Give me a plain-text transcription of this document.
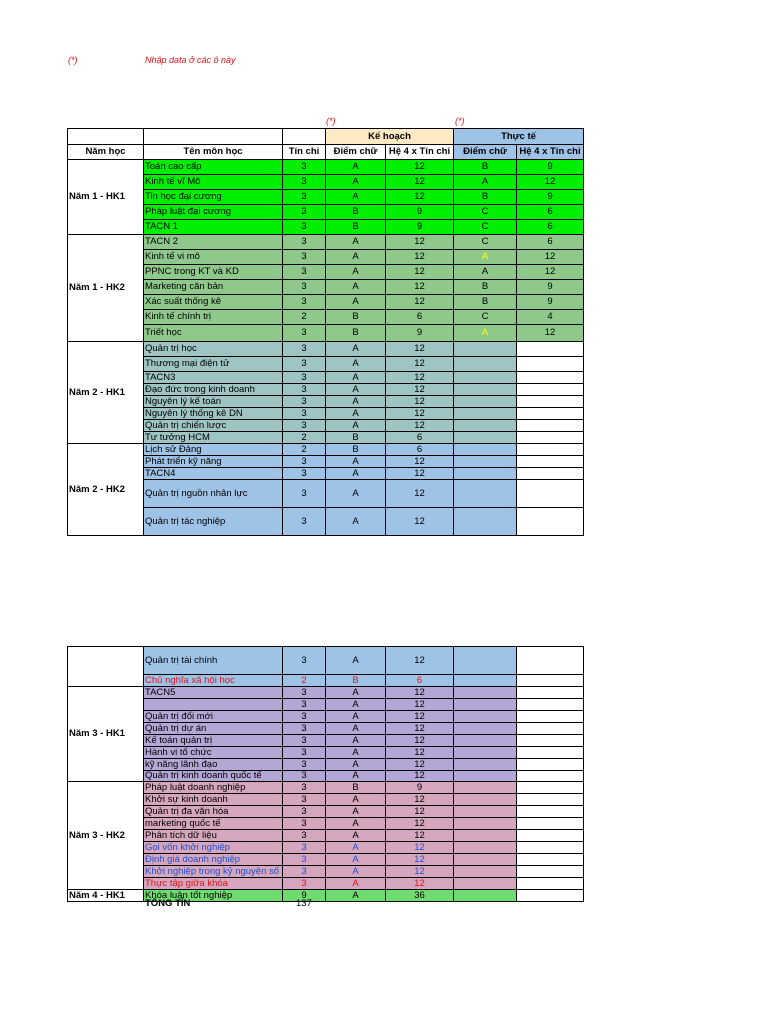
(*)	Nhập data ở các ô này
(*)	(*)
			Kế hoạch		Thực tế	
Năm học	Tên môn học	Tín chỉ	Điểm chữ	Hệ 4 x Tín chỉ	Điểm chữ	Hệ 4 x Tín chỉ
Năm 1 - HK1	Toán cao cấp	3	A	12	B	9
	Kinh tế vĩ Mô	3	A	12	A	12
	Tin học đại cương	3	A	12	B	9
	Pháp luật đại cương	3	B	9	C	6
	TACN 1	3	B	9	C	6
Năm 1 - HK2	TACN 2	3	A	12	C	6
	Kinh tế vi mô	3	A	12	A	12
	PPNC trong KT và KD	3	A	12	A	12
	Marketing căn bản	3	A	12	B	9
	Xác suất thống kê	3	A	12	B	9
	Kinh tế chính trị	2	B	6	C	4
	Triết học	3	B	9	A	12
Năm 2 - HK1	Quản trị học	3	A	12		
	Thương mại điện tử	3	A	12		
	TACN3	3	A	12		
	Đạo đức trong kinh doanh	3	A	12		
	Nguyên lý kế toán	3	A	12		
	Nguyên lý thống kê DN	3	A	12		
	Quản trị chiến lược	3	A	12		
	Tư tưởng HCM	2	B	6		
Năm 2 - HK2	Lịch sử Đảng	2	B	6		
	Phát triển kỹ năng	3	A	12		
	TACN4	3	A	12		
	Quản trị nguồn nhân lực	3	A	12		
	Quản trị tác nghiệp	3	A	12		
	Quản trị tài chính	3	A	12		
	Chủ nghĩa xã hội học	2	B	6		
Năm 3 - HK1	TACN5	3	A	12		
		3	A	12		
	Quản trị đổi mới	3	A	12		
	Quản trị dự án	3	A	12		
	Kế toán quản trị	3	A	12		
	Hành vi tổ chức	3	A	12		
	kỹ năng lãnh đạo	3	A	12		
	Quản trị kinh doanh quốc tế	3	A	12		
Năm 3 - HK2	Pháp luật doanh nghiệp	3	B	9		
	Khởi sự kinh doanh	3	A	12		
	Quản trị đa văn hóa	3	A	12		
	marketing quốc tế	3	A	12		
	Phân tích dữ liệu	3	A	12		
	Gọi vốn khởi nghiệp	3	A	12		
	Định giá doanh nghiệp	3	A	12		
	Khởi nghiệp trong kỷ nguyên số	3	A	12		
	Thực tập giữa khóa	3	A	12		
Năm 4 - HK1	Khóa luận tốt nghiệp	9	A	36		
TỔNG TÍN	137
